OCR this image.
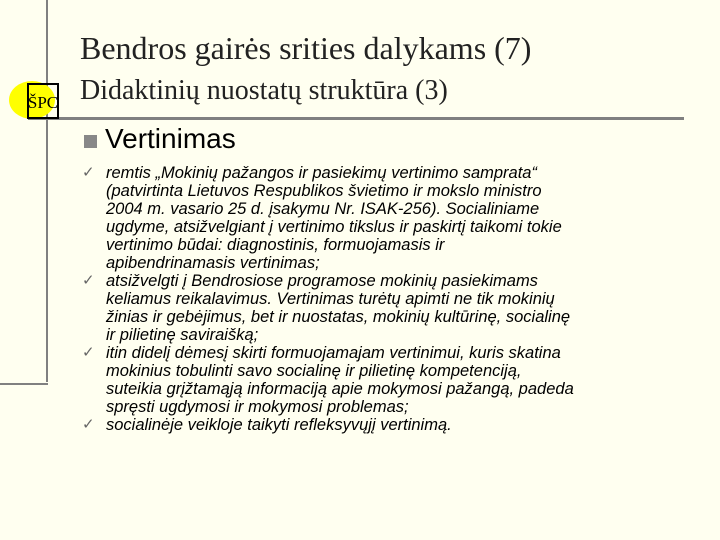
ŠPC
Bendros gairės srities dalykams (7)
Didaktinių nuostatų struktūra (3)
Vertinimas
✓ remtis „Mokinių pažangos ir pasiekimų vertinimo samprata“
(patvirtinta Lietuvos Respublikos švietimo ir mokslo ministro
2004 m. vasario 25 d. įsakymu Nr. ISAK-256). Socialiniame
ugdyme, atsižvelgiant į vertinimo tikslus ir paskirtį taikomi tokie
vertinimo būdai: diagnostinis, formuojamasis ir
apibendrinamasis vertinimas;
✓ atsižvelgti į Bendrosiose programose mokinių pasiekimams
keliamus reikalavimus. Vertinimas turėtų apimti ne tik mokinių
žinias ir gebėjimus, bet ir nuostatas, mokinių kultūrinę, socialinę
ir pilietinę saviraišką;
✓ itin didelį dėmesį skirti formuojamajam vertinimui, kuris skatina
mokinius tobulinti savo socialinę ir pilietinę kompetenciją,
suteikia grįžtamąją informaciją apie mokymosi pažangą, padeda
spręsti ugdymosi ir mokymosi problemas;
✓ socialinėje veikloje taikyti refleksyvųjį vertinimą.
